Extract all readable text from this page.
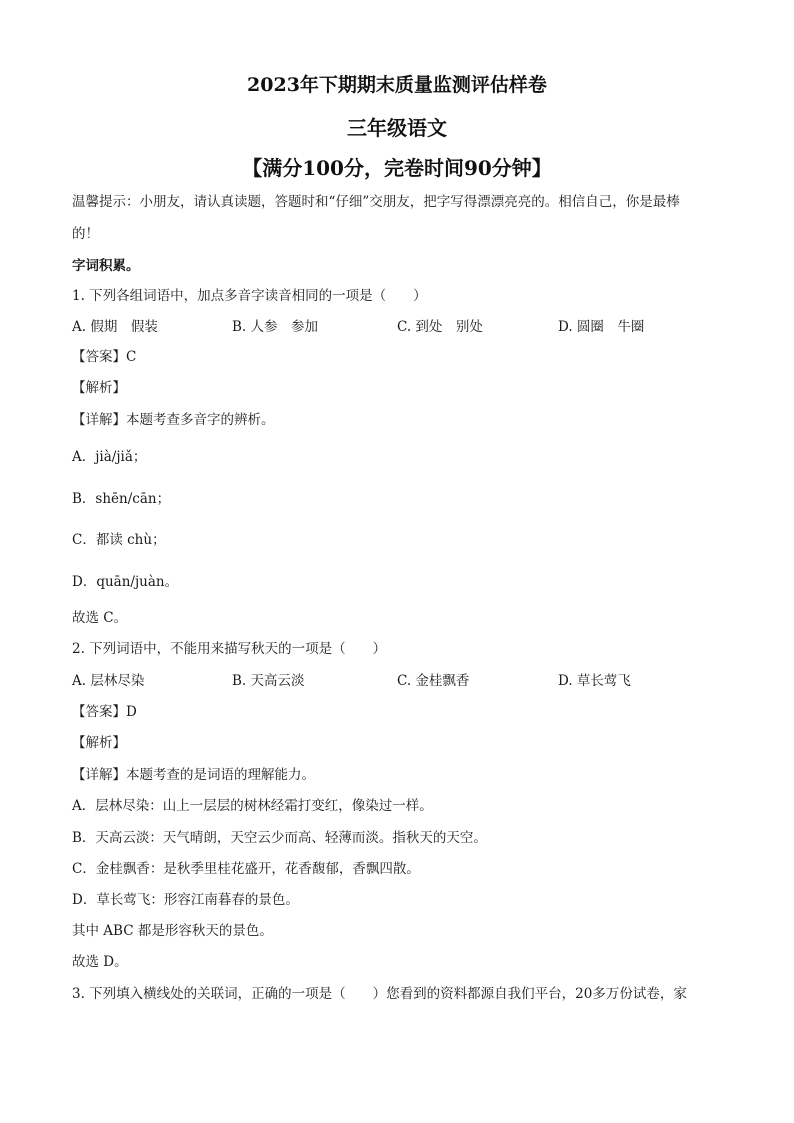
2023年下期期末质量监测评估样卷
三年级语文
【满分100分，完卷时间90分钟】
温馨提示：小朋友，请认真读题，答题时和“仔细”交朋友，把字写得漂漂亮亮的。相信自己，你是最棒
的！
字词积累。
1. 下列各组词语中，加点多音字读音相同的一项是（　　）
A. 假期　假装	B. 人参　参加	C. 到处　别处	D. 圆圈　牛圈
【答案】C
【解析】
【详解】本题考查多音字的辨析。
A．jià/jiǎ；
B．shēn/cān；
C．都读 chù；
D．quān/juàn。
故选 C。
2. 下列词语中，不能用来描写秋天的一项是（　　）
A. 层林尽染	B. 天高云淡	C. 金桂飘香	D. 草长莺飞
【答案】D
【解析】
【详解】本题考查的是词语的理解能力。
A．层林尽染：山上一层层的树林经霜打变红，像染过一样。
B．天高云淡：天气晴朗，天空云少而高、轻薄而淡。指秋天的天空。
C．金桂飘香：是秋季里桂花盛开，花香馥郁，香飘四散。
D．草长莺飞：形容江南暮春的景色。
其中 ABC 都是形容秋天的景色。
故选 D。
3. 下列填入横线处的关联词，正确的一项是（　　）您看到的资料都源自我们平台，20多万份试卷，家
